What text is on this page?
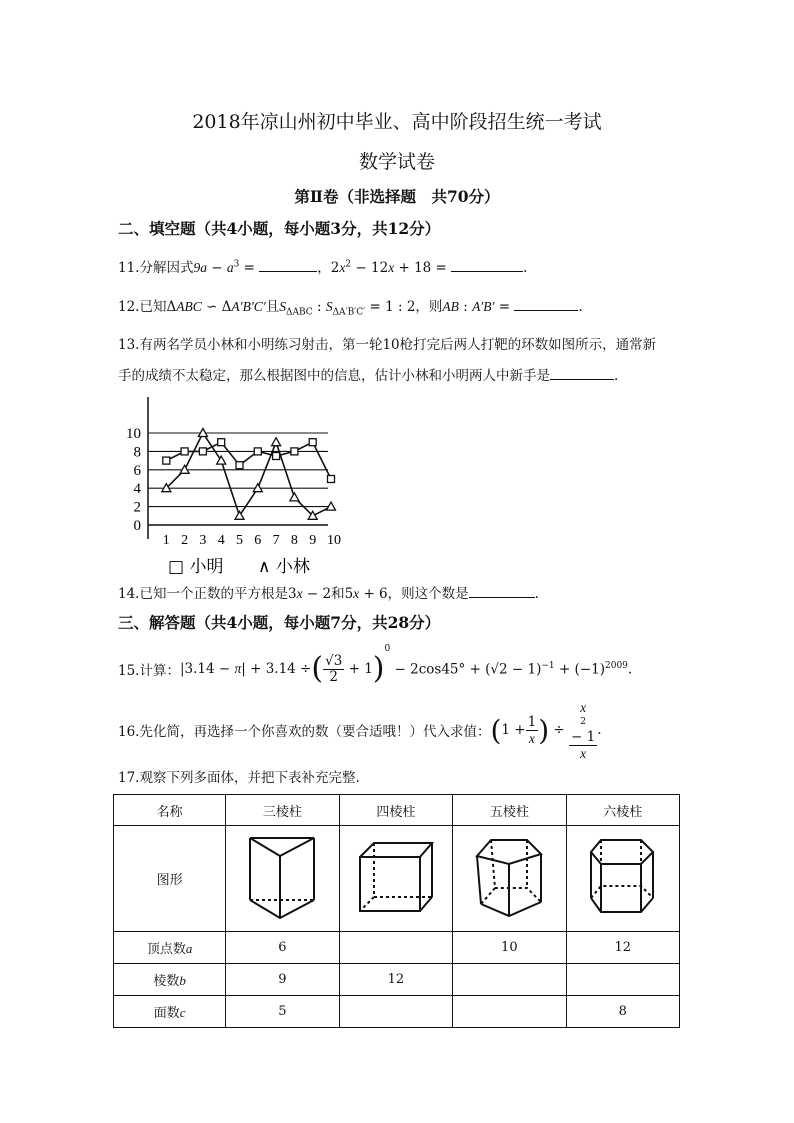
2018年凉山州初中毕业、高中阶段招生统一考试
数学试卷
第Ⅱ卷（非选择题　共70分）
二、填空题（共4小题，每小题3分，共12分）
11.分解因式$9a - a^3$ =	，$2x^2 - 12x + 18$ =	.
12.已知ΔABC ∽ ΔA′B′C′且$S_{\Delta ABC}$ : $S_{\Delta A'B'C'} = 1$ : 2，则AB : A′B′ =	.
13.有两名学员小林和小明练习射击，第一轮10枪打完后两人打靶的环数如图所示，通常新
手的成绩不太稳定，那么根据图中的信息，估计小林和小明两人中新手是	.
0
2
4
6
8
10
1 2 3 4 5 6 7 8 9 10
□ 小明 ∧ 小林
14.已知一个正数的平方根是3x − 2和5x + 6，则这个数是	.
三、解答题（共4小题，每小题7分，共28分）
15.计算： |3.14 − π| + 3.14 ÷ ( $\frac{√3}{2} + 1$ )
0
− $2\cos 45^\circ + (√2 - 1)^{-1} + (-1)^{2009}$.
16.先化简，再选择一个你喜欢的数（要合适哦！）代入求值： ( $1 + \frac{1}{x}$ ) ÷ x
2
− 1
x .
17.观察下列多面体，并把下表补充完整.
名称	三棱柱	四棱柱	五棱柱	六棱柱
图形				
顶点数a	6		10	12
棱数b	9	12		
面数c	5			8
